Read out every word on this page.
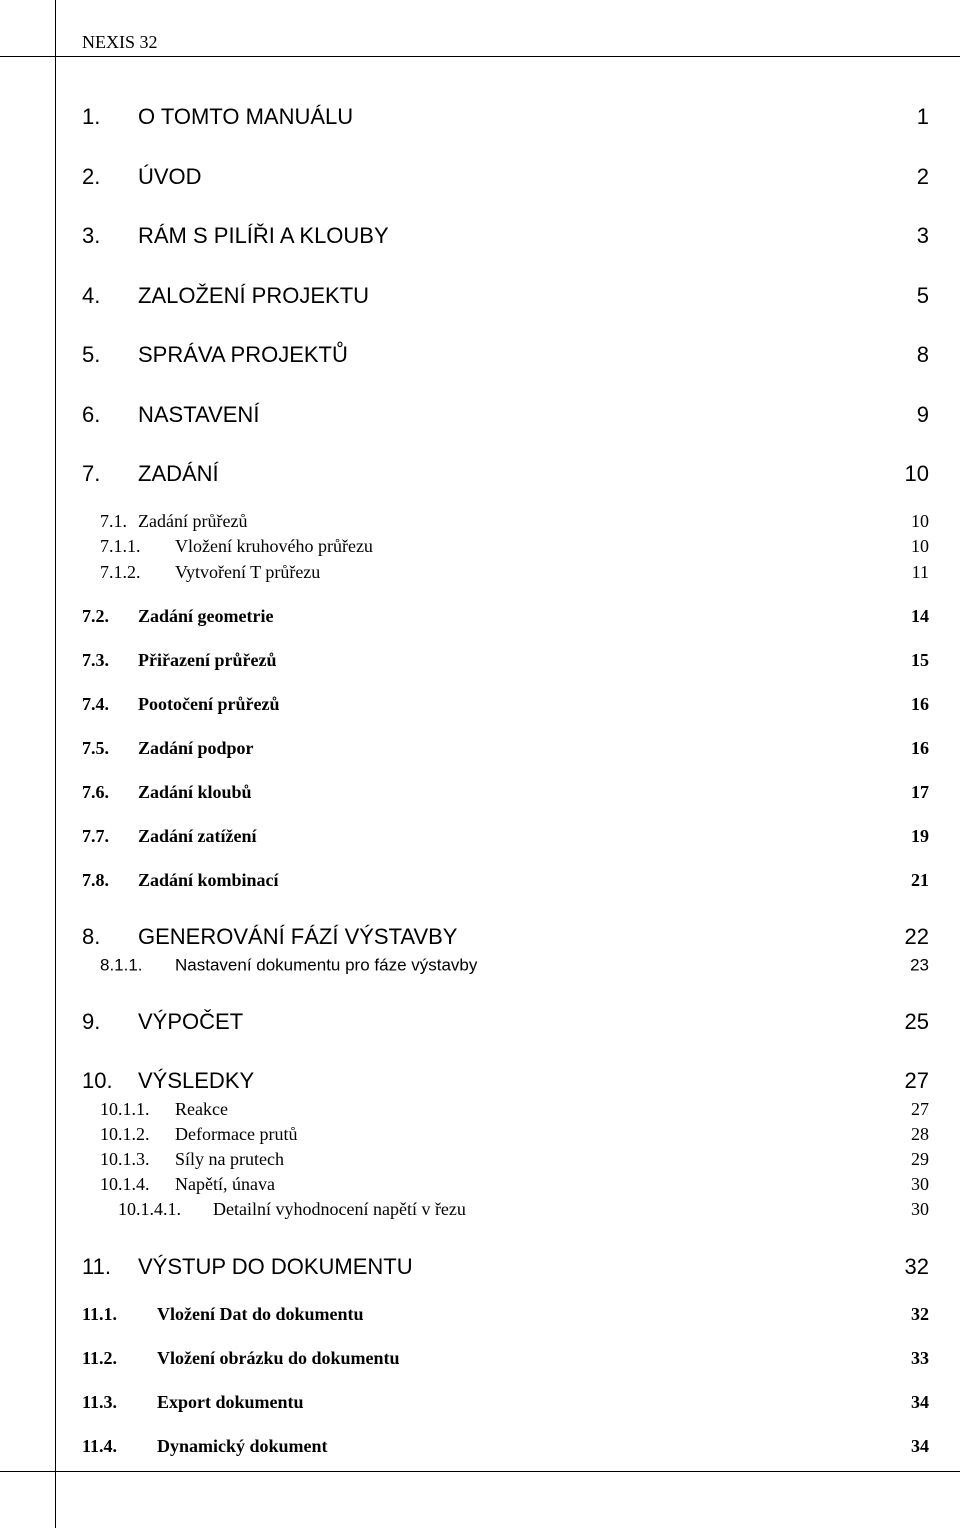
NEXIS 32
1. O TOMTO MANUÁLU	1
2. ÚVOD	2
3. RÁM S PILÍŘI A KLOUBY	3
4. ZALOŽENÍ PROJEKTU	5
5. SPRÁVA PROJEKTŮ	8
6. NASTAVENÍ	9
7. ZADÁNÍ	10
7.1. Zadání průřezů	10
7.1.1. Vložení kruhového průřezu	10
7.1.2. Vytvoření T průřezu	11
7.2. Zadání geometrie	14
7.3. Přiřazení průřezů	15
7.4. Pootočení průřezů	16
7.5. Zadání podpor	16
7.6. Zadání kloubů	17
7.7. Zadání zatížení	19
7.8. Zadání kombinací	21
8. GENEROVÁNÍ FÁZÍ VÝSTAVBY	22
8.1.1. Nastavení dokumentu pro fáze výstavby	23
9. VÝPOČET	25
10. VÝSLEDKY	27
10.1.1. Reakce	27
10.1.2. Deformace prutů	28
10.1.3. Síly na prutech	29
10.1.4. Napětí, únava	30
10.1.4.1. Detailní vyhodnocení napětí v řezu	30
11. VÝSTUP DO DOKUMENTU	32
11.1. Vložení Dat do dokumentu	32
11.2. Vložení obrázku do dokumentu	33
11.3. Export dokumentu	34
11.4. Dynamický dokument	34
